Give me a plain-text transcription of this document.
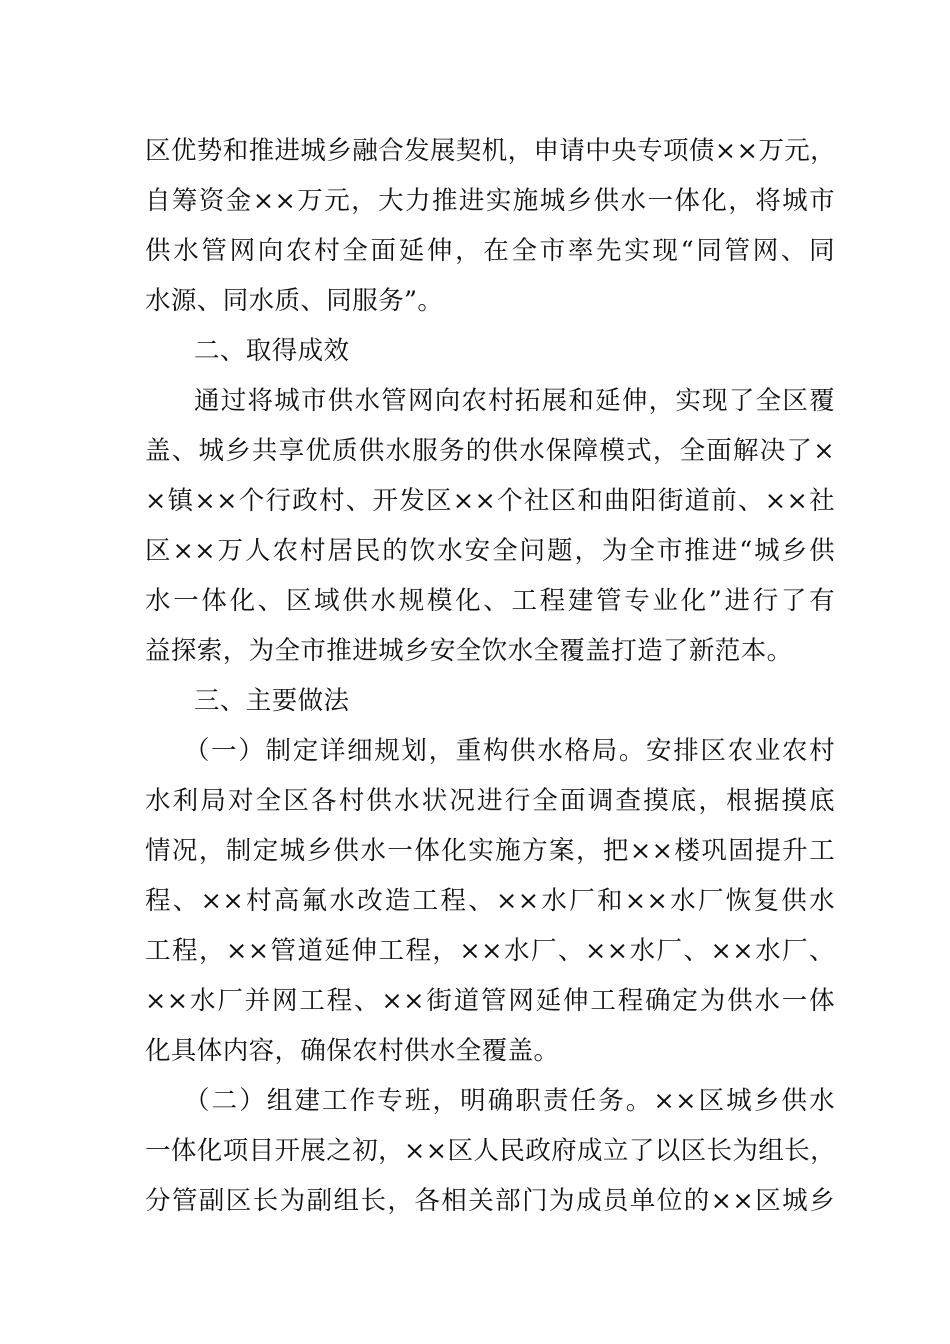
区优势和推进城乡融合发展契机，申请中央专项债××万元，
自筹资金××万元，大力推进实施城乡供水一体化，将城市
供水管网向农村全面延伸，在全市率先实现“同管网、同
水源、同水质、同服务”。
二、取得成效
通过将城市供水管网向农村拓展和延伸，实现了全区覆
盖、城乡共享优质供水服务的供水保障模式，全面解决了×
×镇××个行政村、开发区××个社区和曲阳街道前、××社
区××万人农村居民的饮水安全问题，为全市推进“城乡供
水一体化、区域供水规模化、工程建管专业化”进行了有
益探索，为全市推进城乡安全饮水全覆盖打造了新范本。
三、主要做法
（一）制定详细规划，重构供水格局。安排区农业农村
水利局对全区各村供水状况进行全面调查摸底，根据摸底
情况，制定城乡供水一体化实施方案，把××楼巩固提升工
程、××村高氟水改造工程、××水厂和××水厂恢复供水
工程，××管道延伸工程，××水厂、××水厂、××水厂、
××水厂并网工程、××街道管网延伸工程确定为供水一体
化具体内容，确保农村供水全覆盖。
（二）组建工作专班，明确职责任务。××区城乡供水
一体化项目开展之初，××区人民政府成立了以区长为组长，
分管副区长为副组长，各相关部门为成员单位的××区城乡
